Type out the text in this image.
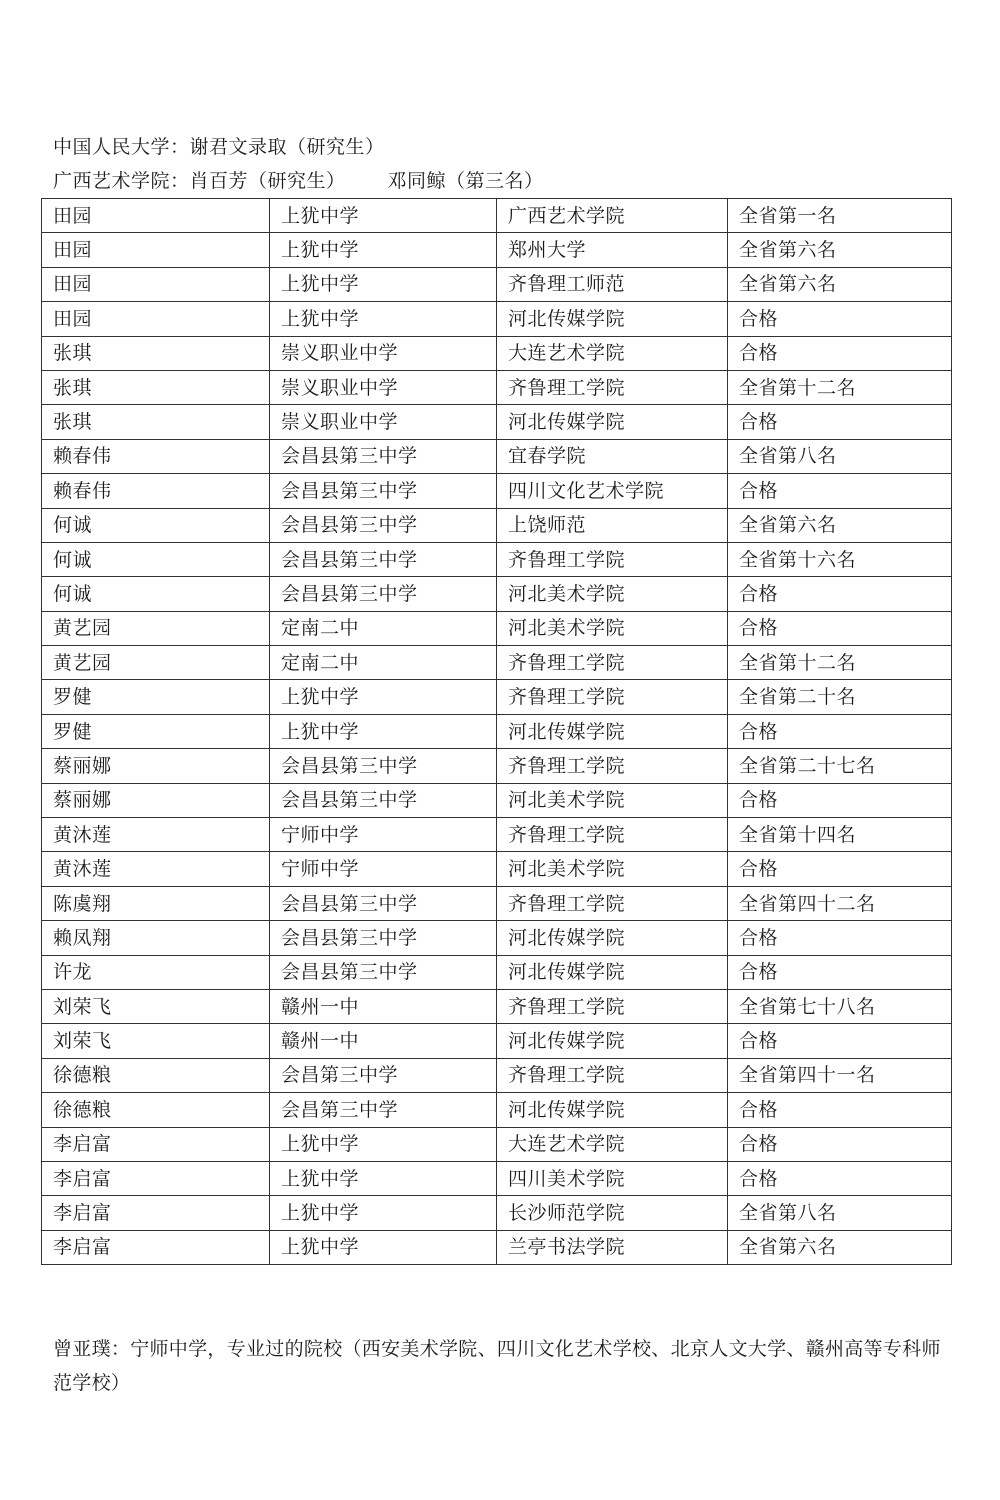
中国人民大学：谢君文录取（研究生）
广西艺术学院：肖百芳（研究生） 邓同鲸（第三名）
田园	上犹中学	广西艺术学院	全省第一名
田园	上犹中学	郑州大学	全省第六名
田园	上犹中学	齐鲁理工师范	全省第六名
田园	上犹中学	河北传媒学院	合格
张琪	崇义职业中学	大连艺术学院	合格
张琪	崇义职业中学	齐鲁理工学院	全省第十二名
张琪	崇义职业中学	河北传媒学院	合格
赖春伟	会昌县第三中学	宜春学院	全省第八名
赖春伟	会昌县第三中学	四川文化艺术学院	合格
何诚	会昌县第三中学	上饶师范	全省第六名
何诚	会昌县第三中学	齐鲁理工学院	全省第十六名
何诚	会昌县第三中学	河北美术学院	合格
黄艺园	定南二中	河北美术学院	合格
黄艺园	定南二中	齐鲁理工学院	全省第十二名
罗健	上犹中学	齐鲁理工学院	全省第二十名
罗健	上犹中学	河北传媒学院	合格
蔡丽娜	会昌县第三中学	齐鲁理工学院	全省第二十七名
蔡丽娜	会昌县第三中学	河北美术学院	合格
黄沐莲	宁师中学	齐鲁理工学院	全省第十四名
黄沐莲	宁师中学	河北美术学院	合格
陈虞翔	会昌县第三中学	齐鲁理工学院	全省第四十二名
赖凤翔	会昌县第三中学	河北传媒学院	合格
许龙	会昌县第三中学	河北传媒学院	合格
刘荣飞	赣州一中	齐鲁理工学院	全省第七十八名
刘荣飞	赣州一中	河北传媒学院	合格
徐德粮	会昌第三中学	齐鲁理工学院	全省第四十一名
徐德粮	会昌第三中学	河北传媒学院	合格
李启富	上犹中学	大连艺术学院	合格
李启富	上犹中学	四川美术学院	合格
李启富	上犹中学	长沙师范学院	全省第八名
李启富	上犹中学	兰亭书法学院	全省第六名
曾亚璞：宁师中学，专业过的院校（西安美术学院、四川文化艺术学校、北京人文大学、赣州高等专科师范学校）
